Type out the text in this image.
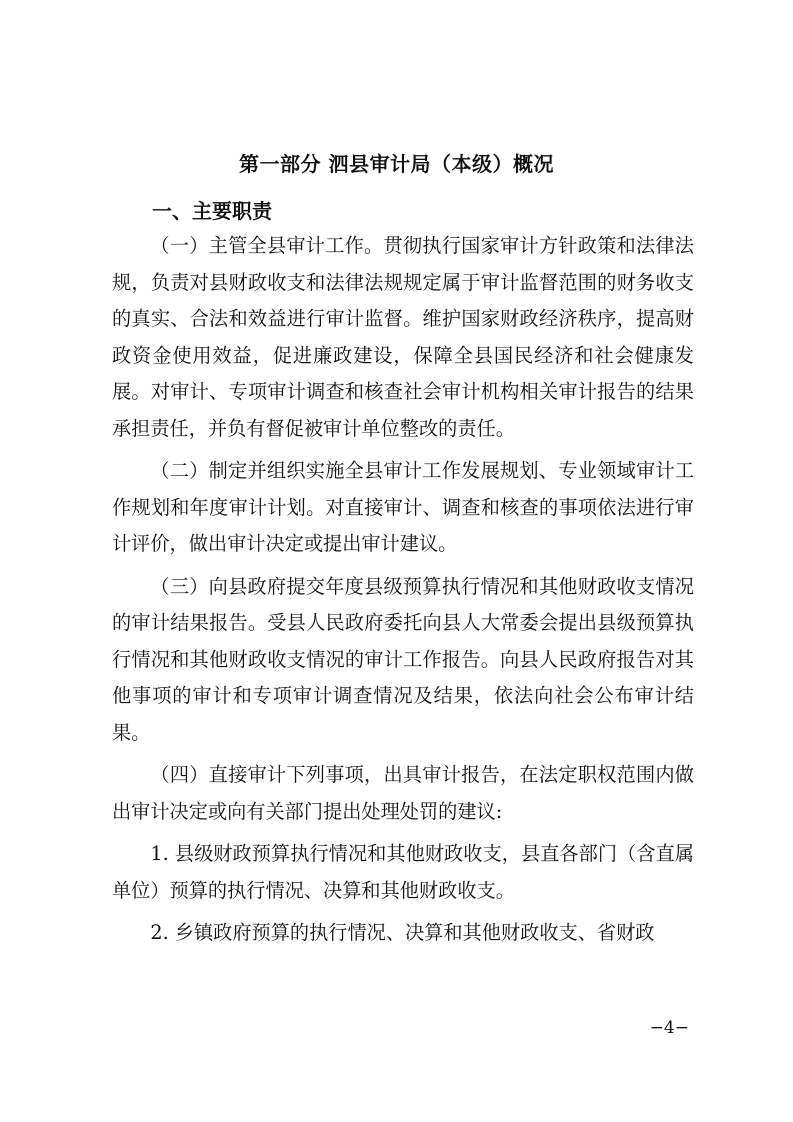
第一部分 泗县审计局（本级）概况
一、主要职责

（一）主管全县审计工作。贯彻执行国家审计方针政策和法律法规，负责对县财政收支和法律法规规定属于审计监督范围的财务收支的真实、合法和效益进行审计监督。维护国家财政经济秩序，提高财政资金使用效益，促进廉政建设，保障全县国民经济和社会健康发展。对审计、专项审计调查和核查社会审计机构相关审计报告的结果承担责任，并负有督促被审计单位整改的责任。

（二）制定并组织实施全县审计工作发展规划、专业领域审计工作规划和年度审计计划。对直接审计、调查和核查的事项依法进行审计评价，做出审计决定或提出审计建议。

（三）向县政府提交年度县级预算执行情况和其他财政收支情况的审计结果报告。受县人民政府委托向县人大常委会提出县级预算执行情况和其他财政收支情况的审计工作报告。向县人民政府报告对其他事项的审计和专项审计调查情况及结果，依法向社会公布审计结果。

（四）直接审计下列事项，出具审计报告，在法定职权范围内做出审计决定或向有关部门提出处理处罚的建议:

1. 县级财政预算执行情况和其他财政收支，县直各部门（含直属单位）预算的执行情况、决算和其他财政收支。

2. 乡镇政府预算的执行情况、决算和其他财政收支、省财政

−4−
